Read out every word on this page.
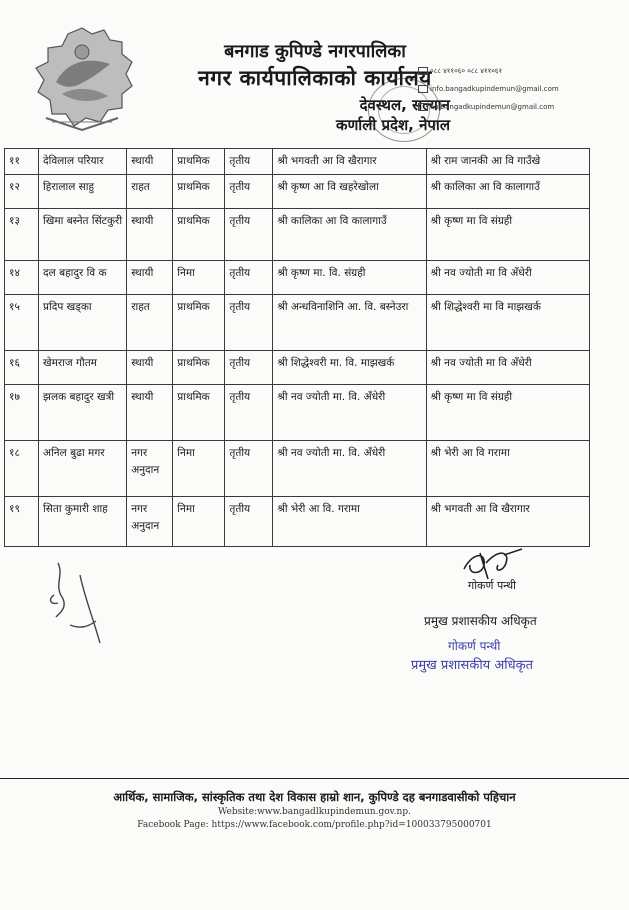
बनगाड कुपिण्डे नगरपालिका
नगर कार्यपालिकाको कार्यालय
देवस्थल, सल्यान
कर्णाली प्रदेश, नेपाल
०८८ ४११०६० ०८८ ४११०६१
info.bangadkupindemun@gmail.com
ao.bangadkupindemun@gmail.com
११	देविलाल परियार	स्थायी	प्राथमिक	तृतीय	श्री भगवती आ वि खैरागार	श्री राम जानकी आ वि गाउँखे
१२	हिरालाल साहु	राहत	प्राथमिक	तृतीय	श्री कृष्ण आ वि खहरेखोला	श्री कालिका आ वि कालागाउँ
१३	खिमा बस्नेत सिंटकुरी	स्थायी	प्राथमिक	तृतीय	श्री कालिका आ वि कालागाउँ	श्री कृष्ण मा वि संग्रही
१४	दल बहादुर वि क	स्थायी	निमा	तृतीय	श्री कृष्ण मा. वि. संग्रही	श्री नव ज्योती मा वि अँधेरी
१५	प्रदिप खड्का	राहत	प्राथमिक	तृतीय	श्री अन्धविनाशिनि आ. वि. बस्नेउरा	श्री शिद्धेश्वरी मा वि माझखर्क
१६	खेमराज गौतम	स्थायी	प्राथमिक	तृतीय	श्री शिद्धेश्वरी मा. वि. माझखर्क	श्री नव ज्योती मा वि अँधेरी
१७	झलक बहादुर खत्री	स्थायी	प्राथमिक	तृतीय	श्री नव ज्योती मा. वि. अँधेरी	श्री कृष्ण मा वि संग्रही
१८	अनिल बुढा मगर	नगर अनुदान	निमा	तृतीय	श्री नव ज्योती मा. वि. अँधेरी	श्री भेरी आ वि गरामा
१९	सिता कुमारी शाह	नगर अनुदान	निमा	तृतीय	श्री भेरी आ वि. गरामा	श्री भगवती आ वि खैरागार
गोकर्ण पन्थी
प्रमुख प्रशासकीय अधिकृत
गोकर्ण पन्थी
प्रमुख प्रशासकीय अधिकृत
आर्थिक, सामाजिक, सांस्कृतिक तथा देश विकास हाम्रो शान, कुपिण्डे दह बनगाडवासीको पहिचान
Website:www.bangadlkupindemun.gov.np.
Facebook Page: https://www.facebook.com/profile.php?id=100033795000701
